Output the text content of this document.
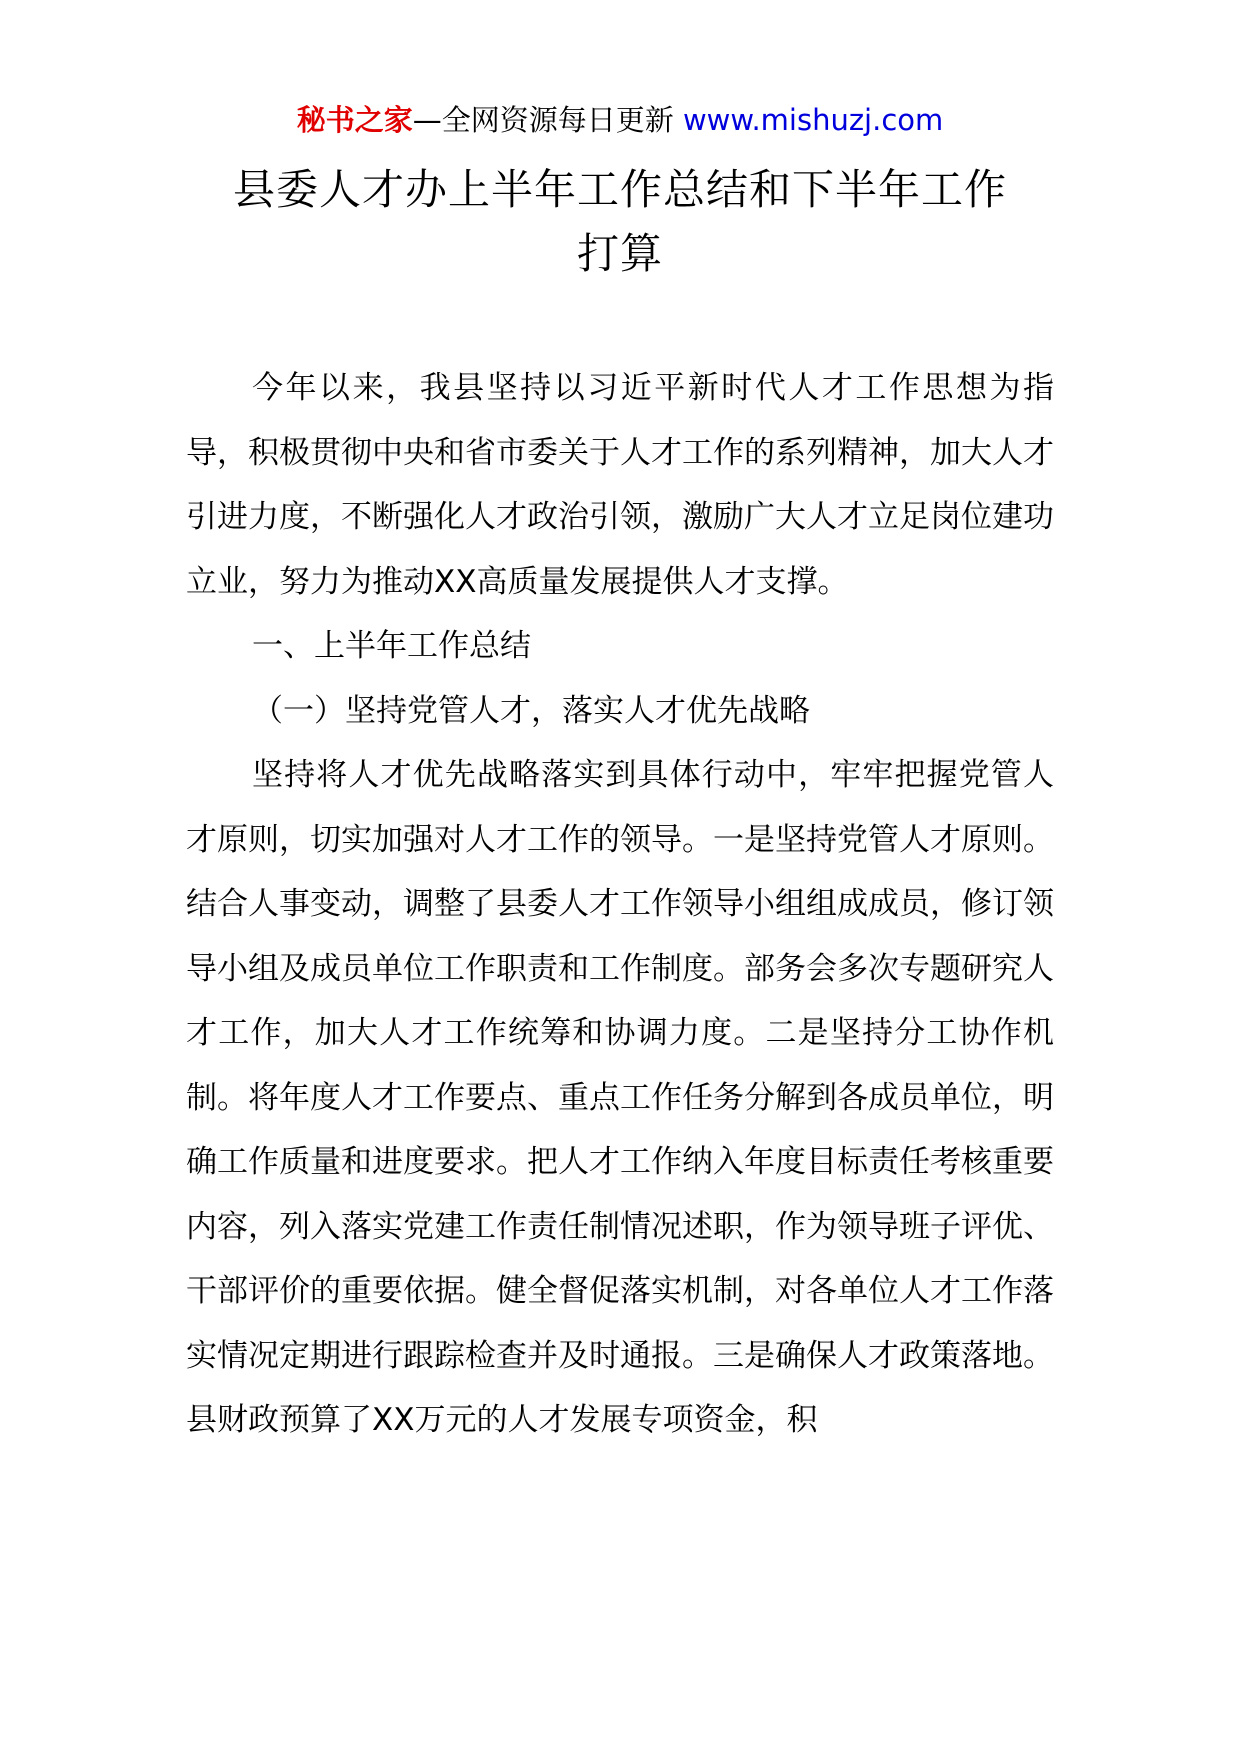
秘书之家—全网资源每日更新 www.mishuzj.com
县委人才办上半年工作总结和下半年工作
打算

今年以来，我县坚持以习近平新时代人才工作思想为指导，积极贯彻中央和省市委关于人才工作的系列精神，加大人才引进力度，不断强化人才政治引领，激励广大人才立足岗位建功立业，努力为推动XX高质量发展提供人才支撑。

一、上半年工作总结

（一）坚持党管人才，落实人才优先战略

坚持将人才优先战略落实到具体行动中，牢牢把握党管人才原则，切实加强对人才工作的领导。一是坚持党管人才原则。结合人事变动，调整了县委人才工作领导小组组成成员，修订领导小组及成员单位工作职责和工作制度。部务会多次专题研究人才工作，加大人才工作统筹和协调力度。二是坚持分工协作机制。将年度人才工作要点、重点工作任务分解到各成员单位，明确工作质量和进度要求。把人才工作纳入年度目标责任考核重要内容，列入落实党建工作责任制情况述职，作为领导班子评优、干部评价的重要依据。健全督促落实机制，对各单位人才工作落实情况定期进行跟踪检查并及时通报。三是确保人才政策落地。县财政预算了XX万元的人才发展专项资金，积
